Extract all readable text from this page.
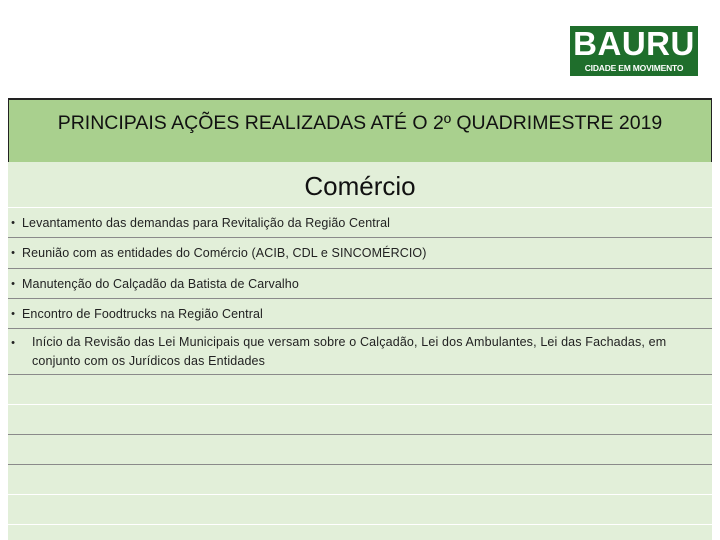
BAURU
CIDADE EM MOVIMENTO
PRINCIPAIS AÇÕES REALIZADAS ATÉ O 2º QUADRIMESTRE 2019
Comércio
• Levantamento das demandas para Revitalição da Região Central
• Reunião com as entidades do Comércio (ACIB, CDL e SINCOMÉRCIO)
• Manutenção do Calçadão da Batista de Carvalho
• Encontro de Foodtrucks na Região Central
• Início da Revisão das Lei Municipais que versam sobre o Calçadão, Lei dos Ambulantes, Lei das Fachadas, em conjunto com os Jurídicos das Entidades
